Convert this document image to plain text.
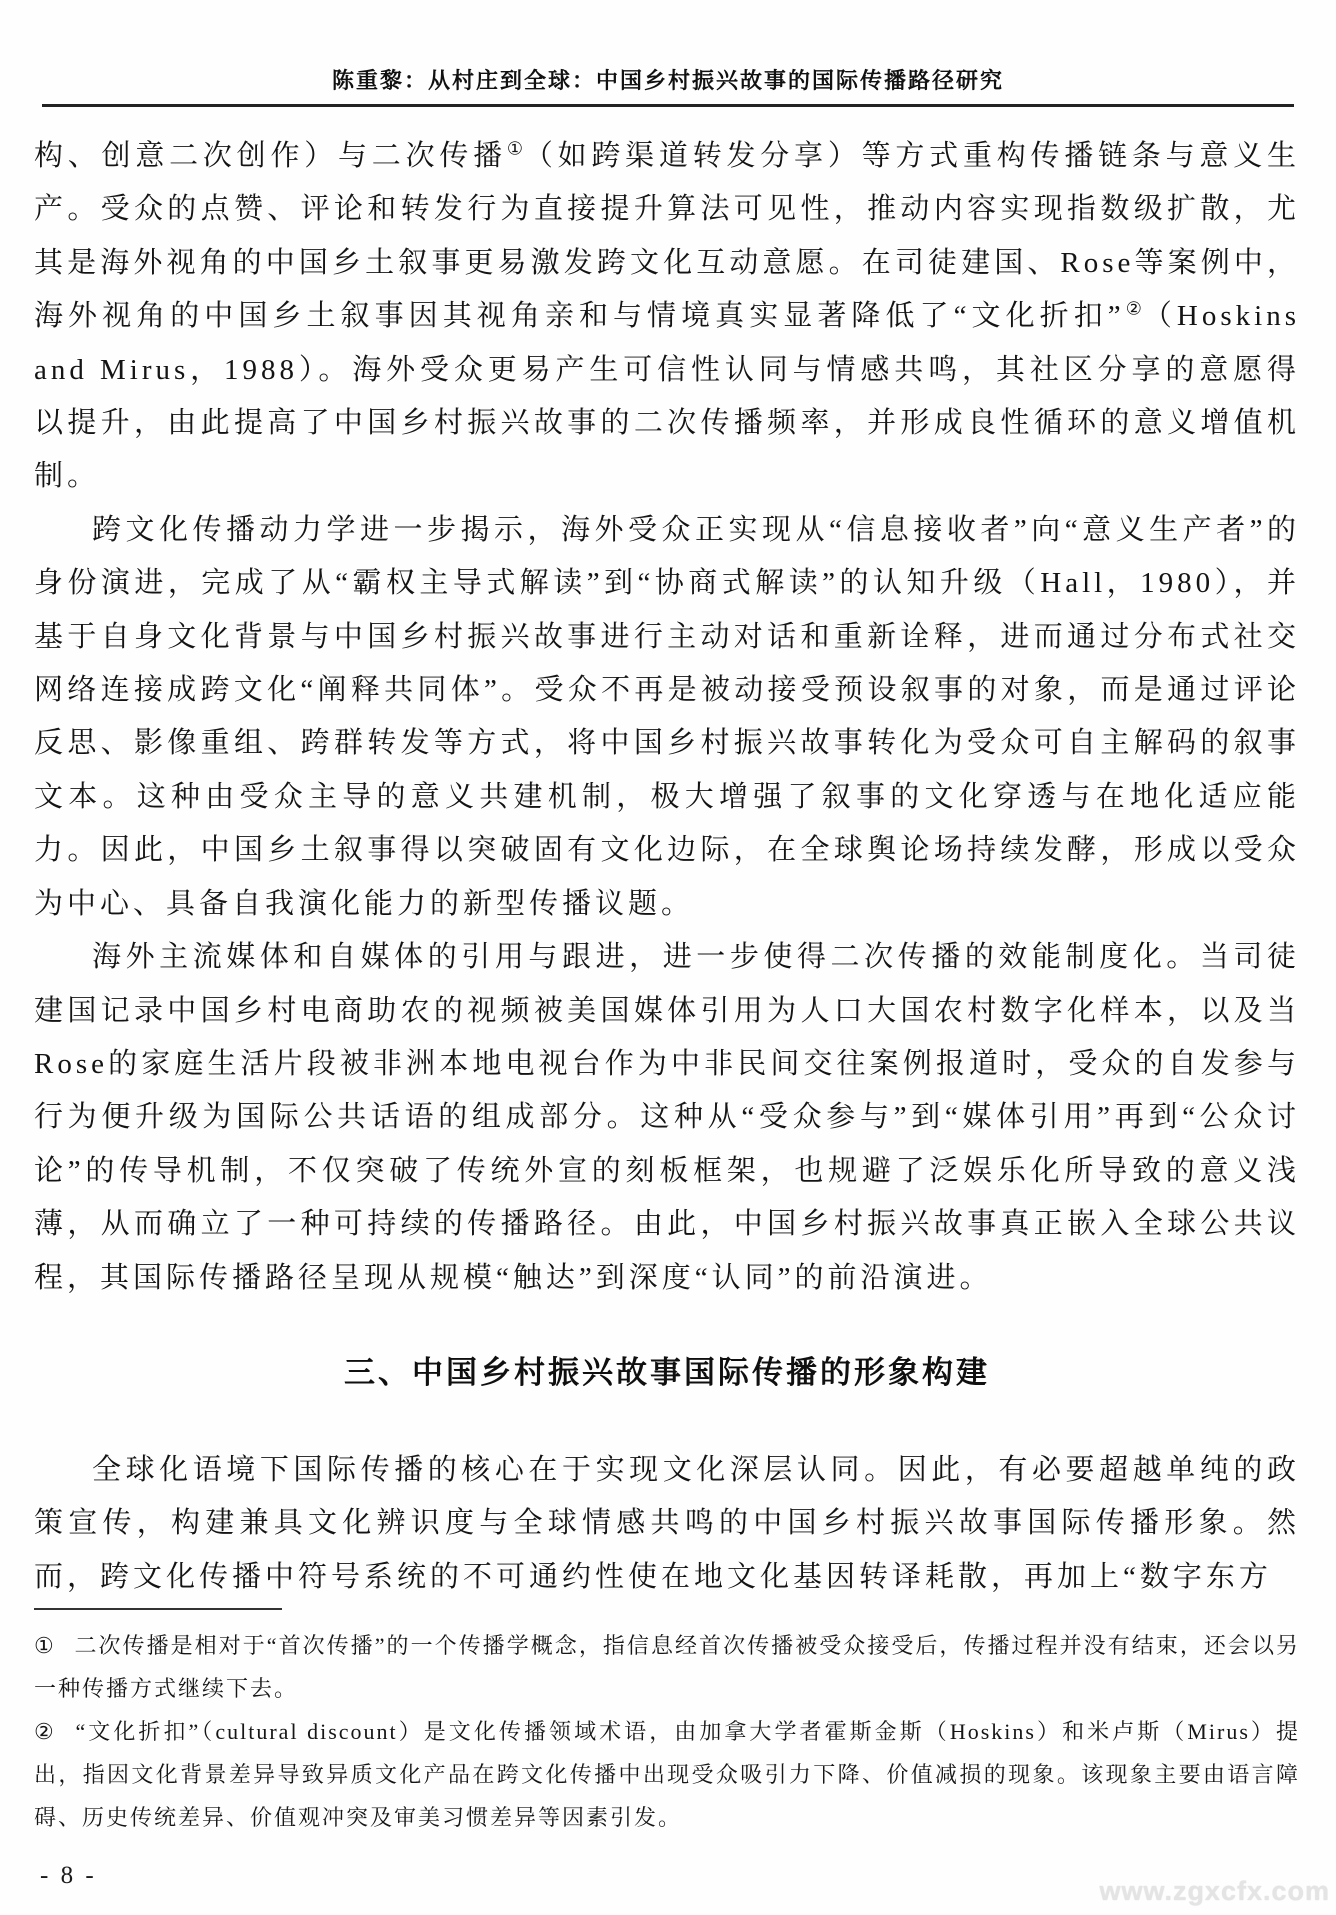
陈重黎：从村庄到全球：中国乡村振兴故事的国际传播路径研究

构、创意二次创作）与二次传播①（如跨渠道转发分享）等方式重构传播链条与意义生产。受众的点赞、评论和转发行为直接提升算法可见性，推动内容实现指数级扩散，尤其是海外视角的中国乡土叙事更易激发跨文化互动意愿。在司徒建国、Rose等案例中，海外视角的中国乡土叙事因其视角亲和与情境真实显著降低了“文化折扣”②（Hoskins and Mirus，1988）。海外受众更易产生可信性认同与情感共鸣，其社区分享的意愿得以提升，由此提高了中国乡村振兴故事的二次传播频率，并形成良性循环的意义增值机制。

跨文化传播动力学进一步揭示，海外受众正实现从“信息接收者”向“意义生产者”的身份演进，完成了从“霸权主导式解读”到“协商式解读”的认知升级（Hall，1980），并基于自身文化背景与中国乡村振兴故事进行主动对话和重新诠释，进而通过分布式社交网络连接成跨文化“阐释共同体”。受众不再是被动接受预设叙事的对象，而是通过评论反思、影像重组、跨群转发等方式，将中国乡村振兴故事转化为受众可自主解码的叙事文本。这种由受众主导的意义共建机制，极大增强了叙事的文化穿透与在地化适应能力。因此，中国乡土叙事得以突破固有文化边际，在全球舆论场持续发酵，形成以受众为中心、具备自我演化能力的新型传播议题。

海外主流媒体和自媒体的引用与跟进，进一步使得二次传播的效能制度化。当司徒建国记录中国乡村电商助农的视频被美国媒体引用为人口大国农村数字化样本，以及当Rose的家庭生活片段被非洲本地电视台作为中非民间交往案例报道时，受众的自发参与行为便升级为国际公共话语的组成部分。这种从“受众参与”到“媒体引用”再到“公众讨论”的传导机制，不仅突破了传统外宣的刻板框架，也规避了泛娱乐化所导致的意义浅薄，从而确立了一种可持续的传播路径。由此，中国乡村振兴故事真正嵌入全球公共议程，其国际传播路径呈现从规模“触达”到深度“认同”的前沿演进。

三、中国乡村振兴故事国际传播的形象构建

全球化语境下国际传播的核心在于实现文化深层认同。因此，有必要超越单纯的政策宣传，构建兼具文化辨识度与全球情感共鸣的中国乡村振兴故事国际传播形象。然而，跨文化传播中符号系统的不可通约性使在地文化基因转译耗散，再加上“数字东方

① 二次传播是相对于“首次传播”的一个传播学概念，指信息经首次传播被受众接受后，传播过程并没有结束，还会以另一种传播方式继续下去。

② “文化折扣”（cultural discount）是文化传播领域术语，由加拿大学者霍斯金斯（Hoskins）和米卢斯（Mirus）提出，指因文化背景差异导致异质文化产品在跨文化传播中出现受众吸引力下降、价值减损的现象。该现象主要由语言障碍、历史传统差异、价值观冲突及审美习惯差异等因素引发。

- 8 -
www.zgxcfx.com
